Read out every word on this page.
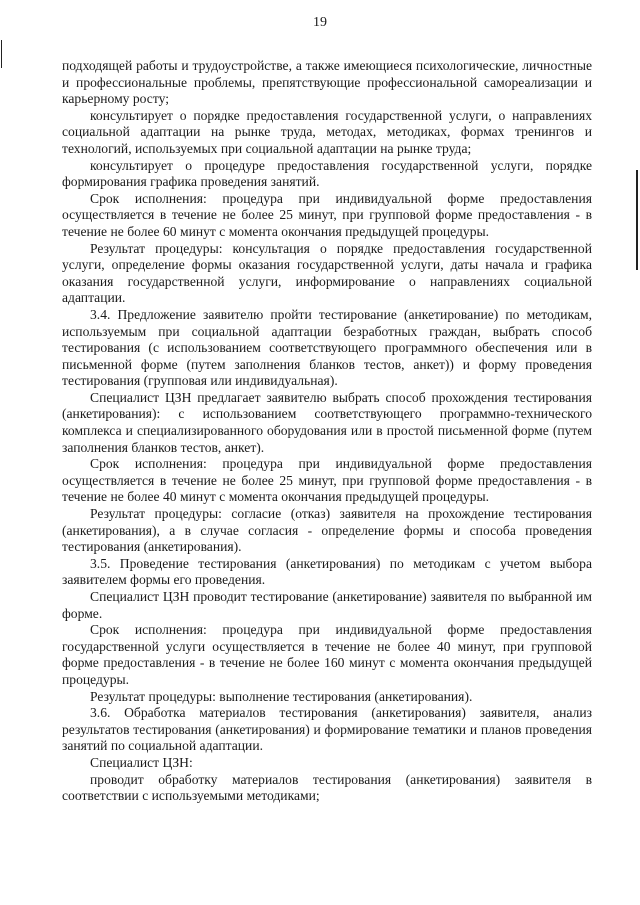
19

подходящей работы и трудоустройстве, а также имеющиеся психологические, личностные и профессиональные проблемы, препятствующие профессиональной самореализации и карьерному росту;

консультирует о порядке предоставления государственной услуги, о направлениях социальной адаптации на рынке труда, методах, методиках, формах тренингов и технологий, используемых при социальной адаптации на рынке труда;

консультирует о процедуре предоставления государственной услуги, порядке формирования графика проведения занятий.

Срок исполнения: процедура при индивидуальной форме предоставления осуществляется в течение не более 25 минут, при групповой форме предоставления - в течение не более 60 минут с момента окончания предыдущей процедуры.

Результат процедуры: консультация о порядке предоставления государственной услуги, определение формы оказания государственной услуги, даты начала и графика оказания государственной услуги, информирование о направлениях социальной адаптации.

3.4. Предложение заявителю пройти тестирование (анкетирование) по методикам, используемым при социальной адаптации безработных граждан, выбрать способ тестирования (с использованием соответствующего программного обеспечения или в письменной форме (путем заполнения бланков тестов, анкет)) и форму проведения тестирования (групповая или индивидуальная).

Специалист ЦЗН предлагает заявителю выбрать способ прохождения тестирования (анкетирования): с использованием соответствующего программно-технического комплекса и специализированного оборудования или в простой письменной форме (путем заполнения бланков тестов, анкет).

Срок исполнения: процедура при индивидуальной форме предоставления осуществляется в течение не более 25 минут, при групповой форме предоставления - в течение не более 40 минут с момента окончания предыдущей процедуры.

Результат процедуры: согласие (отказ) заявителя на прохождение тестирования (анкетирования), а в случае согласия - определение формы и способа проведения тестирования (анкетирования).

3.5. Проведение тестирования (анкетирования) по методикам с учетом выбора заявителем формы его проведения.

Специалист ЦЗН проводит тестирование (анкетирование) заявителя по выбранной им форме.

Срок исполнения: процедура при индивидуальной форме предоставления государственной услуги осуществляется в течение не более 40 минут, при групповой форме предоставления - в течение не более 160 минут с момента окончания предыдущей процедуры.

Результат процедуры: выполнение тестирования (анкетирования).

3.6. Обработка материалов тестирования (анкетирования) заявителя, анализ результатов тестирования (анкетирования) и формирование тематики и планов проведения занятий по социальной адаптации.

Специалист ЦЗН:

проводит обработку материалов тестирования (анкетирования) заявителя в соответствии с используемыми методиками;
